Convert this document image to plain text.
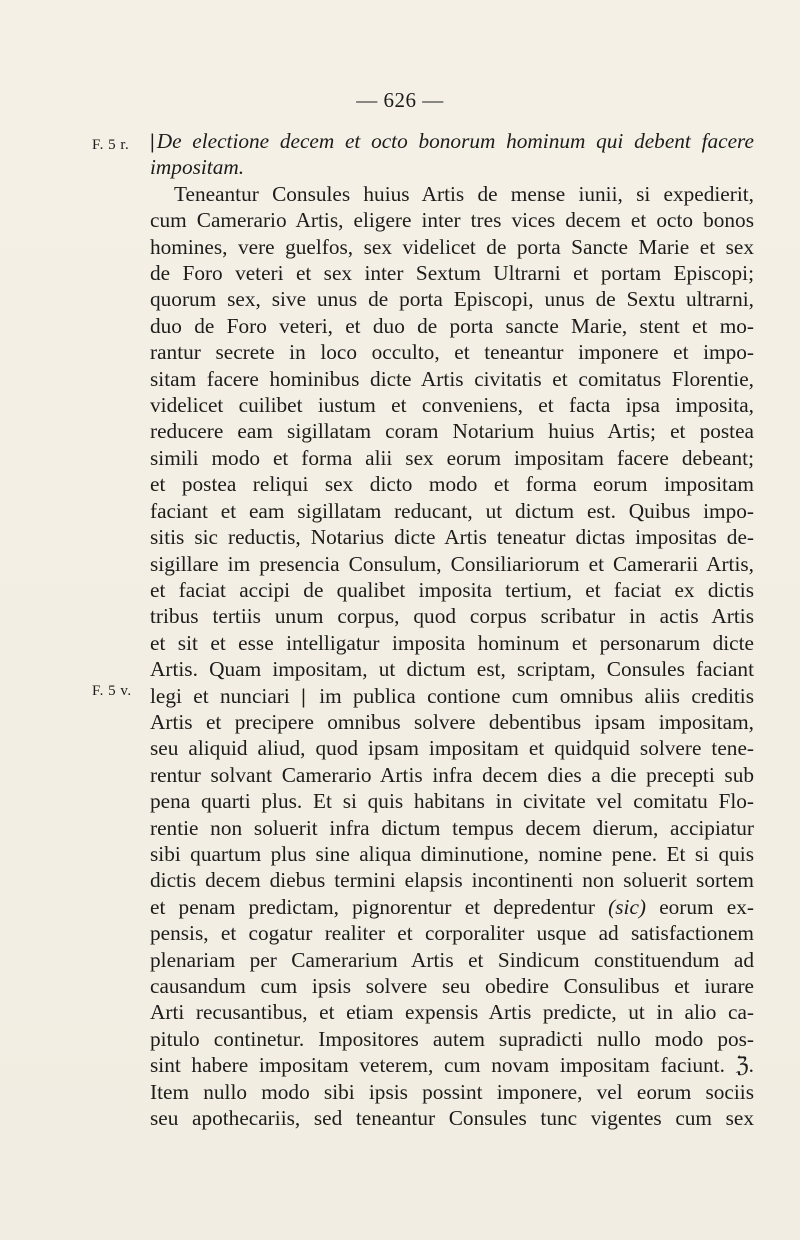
— 626 —
F. 5 r.
F. 5 v.
|De electione decem et octo bonorum hominum qui debent facere
impositam.
Teneantur Consules huius Artis de mense iunii, si expedierit,
cum Camerario Artis, eligere inter tres vices decem et octo bonos
homines, vere guelfos, sex videlicet de porta Sancte Marie et sex
de Foro veteri et sex inter Sextum Ultrarni et portam Episcopi;
quorum sex, sive unus de porta Episcopi, unus de Sextu ultrarni,
duo de Foro veteri, et duo de porta sancte Marie, stent et mo-
rantur secrete in loco occulto, et teneantur imponere et impo-
sitam facere hominibus dicte Artis civitatis et comitatus Florentie,
videlicet cuilibet iustum et conveniens, et facta ipsa imposita,
reducere eam sigillatam coram Notarium huius Artis; et postea
simili modo et forma alii sex eorum impositam facere debeant;
et postea reliqui sex dicto modo et forma eorum impositam
faciant et eam sigillatam reducant, ut dictum est. Quibus impo-
sitis sic reductis, Notarius dicte Artis teneatur dictas impositas de-
sigillare im presencia Consulum, Consiliariorum et Camerarii Artis,
et faciat accipi de qualibet imposita tertium, et faciat ex dictis
tribus tertiis unum corpus, quod corpus scribatur in actis Artis
et sit et esse intelligatur imposita hominum et personarum dicte
Artis. Quam impositam, ut dictum est, scriptam, Consules faciant
legi et nunciari | im publica contione cum omnibus aliis creditis
Artis et precipere omnibus solvere debentibus ipsam impositam,
seu aliquid aliud, quod ipsam impositam et quidquid solvere tene-
rentur solvant Camerario Artis infra decem dies a die precepti sub
pena quarti plus. Et si quis habitans in civitate vel comitatu Flo-
rentie non soluerit infra dictum tempus decem dierum, accipiatur
sibi quartum plus sine aliqua diminutione, nomine pene. Et si quis
dictis decem diebus termini elapsis incontinenti non soluerit sortem
et penam predictam, pignorentur et depredentur (sic) eorum ex-
pensis, et cogatur realiter et corporaliter usque ad satisfactionem
plenariam per Camerarium Artis et Sindicum constituendum ad
causandum cum ipsis solvere seu obedire Consulibus et iurare
Arti recusantibus, et etiam expensis Artis predicte, ut in alio ca-
pitulo continetur. Impositores autem supradicti nullo modo pos-
sint habere impositam veterem, cum novam impositam faciunt. ℨ.
Item nullo modo sibi ipsis possint imponere, vel eorum sociis
seu apothecariis, sed teneantur Consules tunc vigentes cum sex
